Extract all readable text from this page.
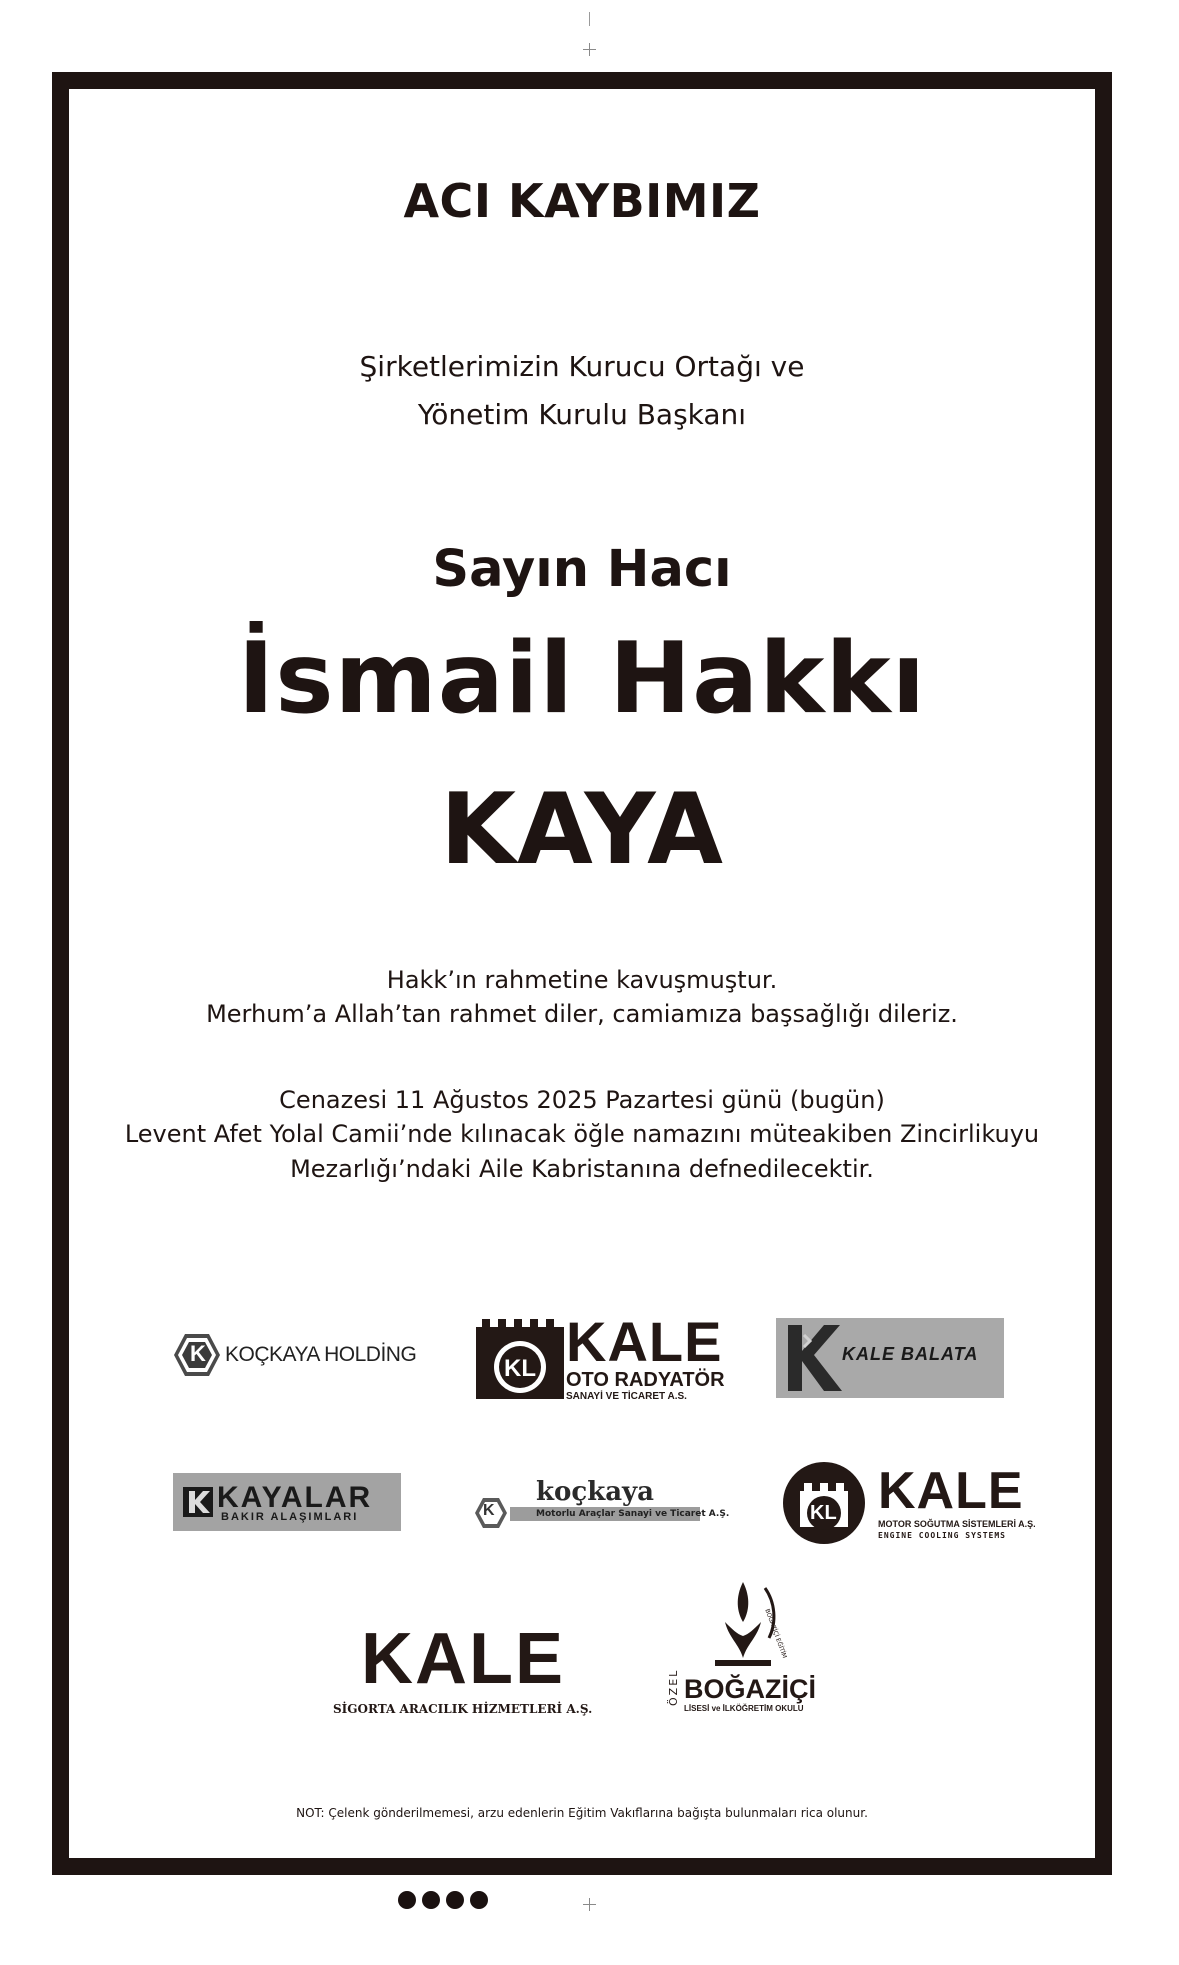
ACI KAYBIMIZ
Şirketlerimizin Kurucu Ortağı ve
Yönetim Kurulu Başkanı
Sayın Hacı
İsmail Hakkı
KAYA
Hakk’ın rahmetine kavuşmuştur.
Merhum’a Allah’tan rahmet diler, camiamıza başsağlığı dileriz.
Cenazesi 11 Ağustos 2025 Pazartesi günü (bugün)
Levent Afet Yolal Camii’nde kılınacak öğle namazını müteakiben Zincirlikuyu
Mezarlığı’ndaki Aile Kabristanına defnedilecektir.
K KOÇKAYA HOLDİNG
KL KALE
OTO RADYATÖR
SANAYİ VE TİCARET A.S.
KALE BALATA
KAYALAR
BAKIR ALAŞIMLARI	K
koçkaya
Motorlu Araçlar Sanayi ve Ticaret A.Ş.	KL KALE
MOTOR SOĞUTMA SİSTEMLERİ A.Ş.
ENGINE COOLING SYSTEMS
KALE
SİGORTA ARACILIK HİZMETLERİ A.Ş.
BOĞAZİÇİ EĞİTİM
ÖZEL BOĞAZİÇİ
LİSESİ ve İLKÖĞRETİM OKULU
NOT: Çelenk gönderilmemesi, arzu edenlerin Eğitim Vakıflarına bağışta bulunmaları rica olunur.
